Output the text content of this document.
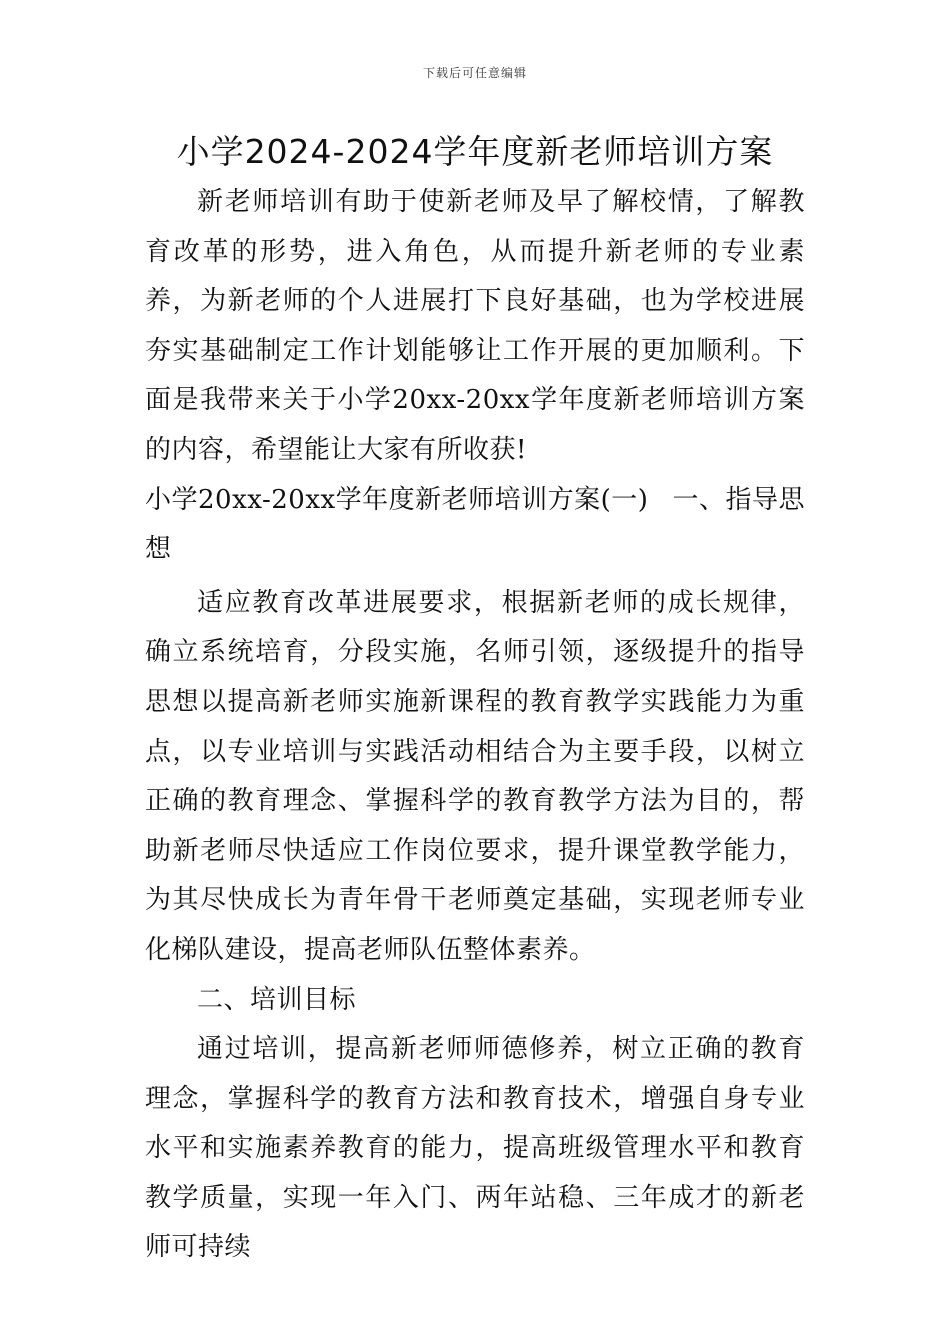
下载后可任意编辑
小学2024-2024学年度新老师培训方案

新老师培训有助于使新老师及早了解校情，了解教育改革的形势，进入角色，从而提升新老师的专业素养，为新老师的个人进展打下良好基础，也为学校进展夯实基础制定工作计划能够让工作开展的更加顺利。下面是我带来关于小学20xx-20xx学年度新老师培训方案的内容，希望能让大家有所收获!

小学20xx-20xx学年度新老师培训方案(一) 一、指导思

想

适应教育改革进展要求，根据新老师的成长规律，确立系统培育，分段实施，名师引领，逐级提升的指导思想以提高新老师实施新课程的教育教学实践能力为重点，以专业培训与实践活动相结合为主要手段，以树立正确的教育理念、掌握科学的教育教学方法为目的，帮助新老师尽快适应工作岗位要求，提升课堂教学能力，为其尽快成长为青年骨干老师奠定基础，实现老师专业化梯队建设，提高老师队伍整体素养。

二、培训目标

通过培训，提高新老师师德修养，树立正确的教育理念，掌握科学的教育方法和教育技术，增强自身专业水平和实施素养教育的能力，提高班级管理水平和教育教学质量，实现一年入门、两年站稳、三年成才的新老师可持续
